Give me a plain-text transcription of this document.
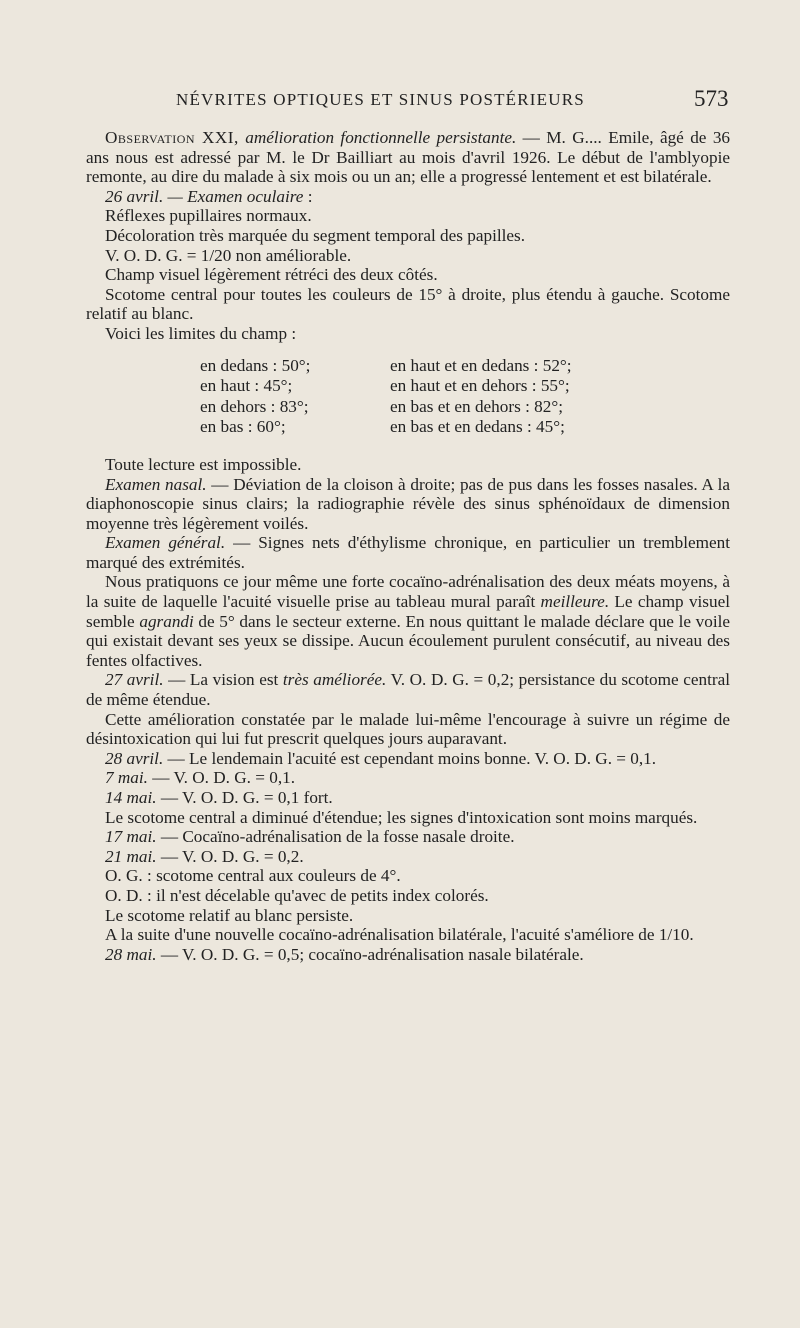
NÉVRITES OPTIQUES ET SINUS POSTÉRIEURS	573

Observation XXI, amélioration fonctionnelle persistante. — M. G.... Emile, âgé de 36 ans nous est adressé par M. le Dr Bailliart au mois d'avril 1926. Le début de l'amblyopie remonte, au dire du malade à six mois ou un an; elle a progressé lentement et est bilatérale.

26 avril. — Examen oculaire :

Réflexes pupillaires normaux.

Décoloration très marquée du segment temporal des papilles.

V. O. D. G. = 1/20 non améliorable.

Champ visuel légèrement rétréci des deux côtés.

Scotome central pour toutes les couleurs de 15° à droite, plus étendu à gauche. Scotome relatif au blanc.

Voici les limites du champ :

en dedans : 50°;	en haut et en dedans : 52°;
en haut : 45°;	en haut et en dehors : 55°;
en dehors : 83°;	en bas et en dehors : 82°;
en bas : 60°;	en bas et en dedans : 45°;

Toute lecture est impossible.

Examen nasal. — Déviation de la cloison à droite; pas de pus dans les fosses nasales. A la diaphonoscopie sinus clairs; la radiographie révèle des sinus sphénoïdaux de dimension moyenne très légèrement voilés.

Examen général. — Signes nets d'éthylisme chronique, en particulier un tremblement marqué des extrémités.

Nous pratiquons ce jour même une forte cocaïno-adrénalisation des deux méats moyens, à la suite de laquelle l'acuité visuelle prise au tableau mural paraît meilleure. Le champ visuel semble agrandi de 5° dans le secteur externe. En nous quittant le malade déclare que le voile qui existait devant ses yeux se dissipe. Aucun écoulement purulent consécutif, au niveau des fentes olfactives.

27 avril. — La vision est très améliorée. V. O. D. G. = 0,2; persistance du scotome central de même étendue.

Cette amélioration constatée par le malade lui-même l'encourage à suivre un régime de désintoxication qui lui fut prescrit quelques jours auparavant.

28 avril. — Le lendemain l'acuité est cependant moins bonne. V. O. D. G. = 0,1.

7 mai. — V. O. D. G. = 0,1.

14 mai. — V. O. D. G. = 0,1 fort.

Le scotome central a diminué d'étendue; les signes d'intoxication sont moins marqués.

17 mai. — Cocaïno-adrénalisation de la fosse nasale droite.

21 mai. — V. O. D. G. = 0,2.

O. G. : scotome central aux couleurs de 4°.

O. D. : il n'est décelable qu'avec de petits index colorés.

Le scotome relatif au blanc persiste.

A la suite d'une nouvelle cocaïno-adrénalisation bilatérale, l'acuité s'améliore de 1/10.

28 mai. — V. O. D. G. = 0,5; cocaïno-adrénalisation nasale bilatérale.
